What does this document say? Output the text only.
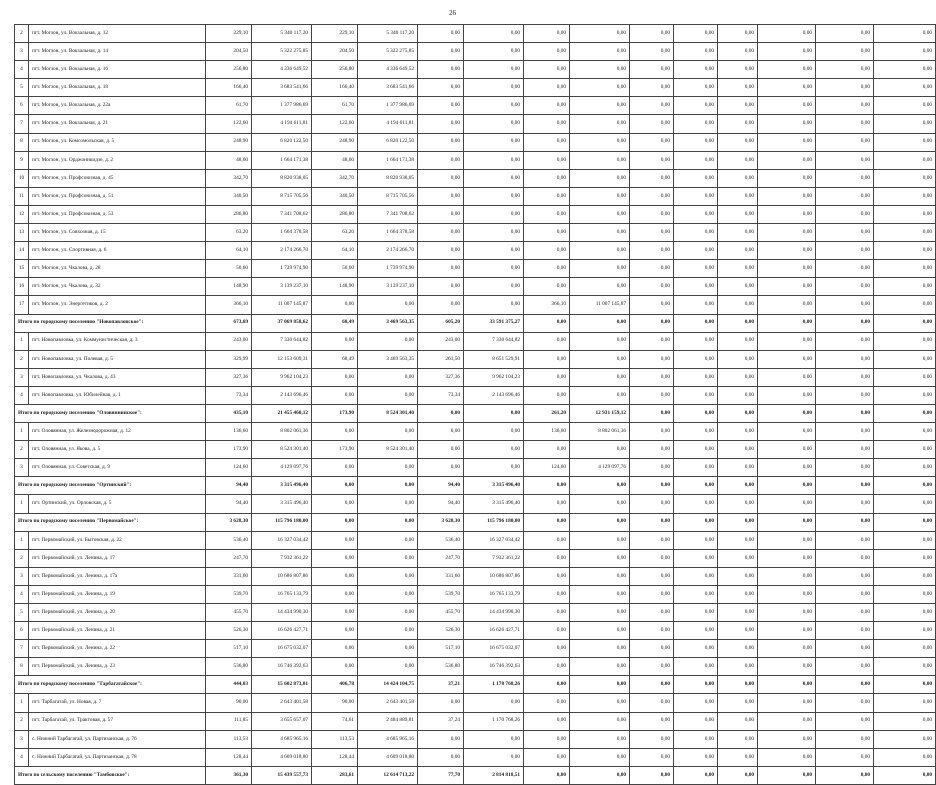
26
2	пгт. Могзон, ул. Вокзальная, д. 12	229,10	5 340 117,20	229,10	5 340 117,20	0,00	0,00	0,00	0,00	0,00	0,00	0,00	0,00	0,00	0,00
3	пгт. Могзон, ул. Вокзальная, д. 14	204,50	5 322 275,85	204,50	5 322 275,85	0,00	0,00	0,00	0,00	0,00	0,00	0,00	0,00	0,00	0,00
4	пгт. Могзон, ул. Вокзальная, д. 16	256,80	4 336 649,52	256,80	4 336 649,52	0,00	0,00	0,00	0,00	0,00	0,00	0,00	0,00	0,00	0,00
5	пгт. Могзон, ул. Вокзальная, д. 18	166,40	3 683 541,66	166,40	3 683 541,66	0,00	0,00	0,00	0,00	0,00	0,00	0,00	0,00	0,00	0,00
6	пгт. Могзон, ул. Вокзальная, д. 22а	61,70	1 377 986,69	61,70	1 377 986,69	0,00	0,00	0,00	0,00	0,00	0,00	0,00	0,00	0,00	0,00
7	пгт. Могзон, ул. Вокзальная, д. 21	122,60	4 194 611,81	122,60	4 194 611,81	0,00	0,00	0,00	0,00	0,00	0,00	0,00	0,00	0,00	0,00
8	пгт. Могзон, ул. Комсомольская, д. 5	248,90	6 820 122,50	248,90	6 820 122,50	0,00	0,00	0,00	0,00	0,00	0,00	0,00	0,00	0,00	0,00
9	пгт. Могзон, ул. Орджоникидзе, д. 2	48,60	1 664 171,38	48,60	1 664 171,38	0,00	0,00	0,00	0,00	0,00	0,00	0,00	0,00	0,00	0,00
10	пгт. Могзон, ул. Профсоюзная, д. 45	342,70	8 820 938,05	342,70	8 820 938,05	0,00	0,00	0,00	0,00	0,00	0,00	0,00	0,00	0,00	0,00
11	пгт. Могзон, ул. Профсоюзная, д. 51	340,50	8 715 705,56	340,50	8 715 705,56	0,00	0,00	0,00	0,00	0,00	0,00	0,00	0,00	0,00	0,00
12	пгт. Могзон, ул. Профсоюзная, д. 53	286,80	7 341 708,62	286,80	7 341 708,62	0,00	0,00	0,00	0,00	0,00	0,00	0,00	0,00	0,00	0,00
13	пгт. Могзон, ул. Совхозная, д. 15	63,20	1 664 378,58	63,20	1 664 378,58	0,00	0,00	0,00	0,00	0,00	0,00	0,00	0,00	0,00	0,00
14	пгт. Могзон, ул. Спортивная, д. 6	64,10	2 174 266,70	64,10	2 174 266,70	0,00	0,00	0,00	0,00	0,00	0,00	0,00	0,00	0,00	0,00
15	пгт. Могзон, ул. Чкалова, д. 28	50,60	1 739 974,90	50,60	1 739 974,90	0,00	0,00	0,00	0,00	0,00	0,00	0,00	0,00	0,00	0,00
16	пгт. Могзон, ул. Чкалова, д. 32	148,90	3 139 237,10	148,90	3 139 237,10	0,00	0,00	0,00	0,00	0,00	0,00	0,00	0,00	0,00	0,00
17	пгт. Могзон, ул. Энергетиков, д. 2	366,10	11 007 145,87	0,00	0,00	0,00	0,00	366,10	11 007 145,87	0,00	0,00	0,00	0,00	0,00	0,00
Итого по городскому поселению "Новопавловское":		673,69	37 069 858,62	68,49	3 469 563,35	605,20	33 591 375,27	0,00	0,00	0,00	0,00	0,00	0,00	0,00	0,00
1	пгт. Новопавловка, ул. Коммунистическая, д. 3	243,00	7 330 644,82	0,00	0,00	243,00	7 330 644,82	0,00	0,00	0,00	0,00	0,00	0,00	0,00	0,00
2	пгт. Новопавловка, ул. Полевая, д. 5	329,99	12 153 609,31	68,49	3 469 563,35	261,50	8 651 529,91	0,00	0,00	0,00	0,00	0,00	0,00	0,00	0,00
3	пгт. Новопавловка, ул. Чкалова, д. 43	327,36	9 962 104,23	0,00	0,00	327,36	9 962 104,23	0,00	0,00	0,00	0,00	0,00	0,00	0,00	0,00
4	пгт. Новопавловка, ул. Юбилейная, д. 1	73,34	2 143 696,46	0,00	0,00	73,34	2 143 696,46	0,00	0,00	0,00	0,00	0,00	0,00	0,00	0,00
Итого по городскому поселению "Оловяннинское":		435,10	21 455 460,12	173,90	8 524 301,40	0,00	0,00	261,20	12 931 159,12	0,00	0,00	0,00	0,00	0,00	0,00
1	пгт. Оловянная, ул. Железнодорожная, д. 12	136,60	8 802 061,36	0,00	0,00	0,00	0,00	136,60	8 802 061,36	0,00	0,00	0,00	0,00	0,00	0,00
2	пгт. Оловянная, ул. Якова, д. 5	173,90	8 524 301,40	173,90	8 524 301,40	0,00	0,00	0,00	0,00	0,00	0,00	0,00	0,00	0,00	0,00
3	пгт. Оловянная, ул. Советская, д. 9	124,60	4 129 097,76	0,00	0,00	0,00	0,00	124,60	4 129 097,76	0,00	0,00	0,00	0,00	0,00	0,00
Итого по городскому поселению "Ортинский":		94,40	3 315 496,40	0,00	0,00	94,40	3 315 496,40	0,00	0,00	0,00	0,00	0,00	0,00	0,00	0,00
1	пгт. Ортинский, ул. Орловская, д. 5	94,40	3 315 496,40	0,00	0,00	94,40	3 315 496,40	0,00	0,00	0,00	0,00	0,00	0,00	0,00	0,00
Итого по городскому поселению "Первомайское":		3 628,30	115 796 180,00	0,00	0,00	3 628,30	115 796 180,00	0,00	0,00	0,00	0,00	0,00	0,00	0,00	0,00
1	пгт. Первомайский, ул. Бытовская, д. 22	536,40	16 327 034,42	0,00	0,00	536,40	16 327 034,42	0,00	0,00	0,00	0,00	0,00	0,00	0,00	0,00
2	пгт. Первомайский, ул. Ленина, д. 17	247,70	7 932 361,22	0,00	0,00	247,70	7 932 361,22	0,00	0,00	0,00	0,00	0,00	0,00	0,00	0,00
3	пгт. Первомайский, ул. Ленина, д. 17а	331,60	10 686 807,86	0,00	0,00	331,60	10 686 807,86	0,00	0,00	0,00	0,00	0,00	0,00	0,00	0,00
4	пгт. Первомайский, ул. Ленина, д. 19	539,70	16 765 133,79	0,00	0,00	539,70	16 765 133,79	0,00	0,00	0,00	0,00	0,00	0,00	0,00	0,00
5	пгт. Первомайский, ул. Ленина, д. 20	455,70	14 434 990,30	0,00	0,00	455,70	14 434 990,30	0,00	0,00	0,00	0,00	0,00	0,00	0,00	0,00
6	пгт. Первомайский, ул. Ленина, д. 21	526,30	16 626 427,71	0,00	0,00	526,30	16 626 427,71	0,00	0,00	0,00	0,00	0,00	0,00	0,00	0,00
7	пгт. Первомайский, ул. Ленина, д. 22	517,10	16 675 032,07	0,00	0,00	517,10	16 675 032,07	0,00	0,00	0,00	0,00	0,00	0,00	0,00	0,00
8	пгт. Первомайский, ул. Ленина, д. 23	536,80	16 746 392,63	0,00	0,00	536,80	16 746 392,63	0,00	0,00	0,00	0,00	0,00	0,00	0,00	0,00
Итого по городскому поселению "Тарбагатайское":		444,03	15 602 873,01	406,78	14 424 104,75	37,21	1 178 768,26	0,00	0,00	0,00	0,00	0,00	0,00	0,00	0,00
1	пгт. Тарбагатай, ул. Новая, д. 7	90,00	2 643 401,58	90,00	2 643 401,58	0,00	0,00	0,00	0,00	0,00	0,00	0,00	0,00	0,00	0,00
2	пгт. Тарбагатай, ул. Трактовая, д. 57	111,85	3 655 657,07	74,61	2 484 889,81	37,24	1 170 768,26	0,00	0,00	0,00	0,00	0,00	0,00	0,00	0,00
3	с. Нижний Тарбагатай, ул. Партизанская, д. 76	113,53	4 685 965,16	113,53	4 685 965,16	0,00	0,00	0,00	0,00	0,00	0,00	0,00	0,00	0,00	0,00
4	с. Нижний Тарбагатай, ул. Партизанская, д. 78	128,44	4 609 018,80	128,44	4 609 018,80	0,00	0,00	0,00	0,00	0,00	0,00	0,00	0,00	0,00	0,00
Итого по сельскому поселению "Тамбовское":		361,30	15 439 557,73	283,61	12 614 713,22	77,70	2 814 818,51	0,00	0,00	0,00	0,00	0,00	0,00	0,00	0,00
